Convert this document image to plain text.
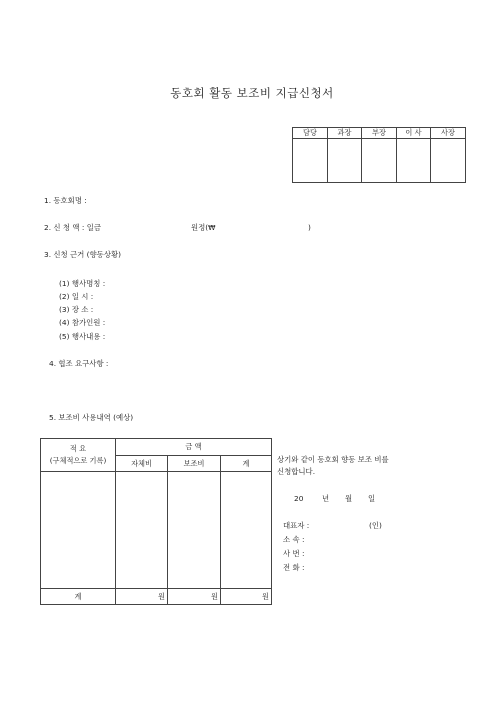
동호회 활동 보조비 지급신청서
담당	과장	부장	이 사	사장

1. 동호회명 :
2. 신 청 액 : 일금	원정(₩	)
3. 신청 근거 (향동상황)
(1) 행사명칭 :
(2) 일 시 :
(3) 장 소 :
(4) 참가인원 :
(5) 행사내용 :
4. 협조 요구사항 :
5. 보조비 사용내역 (예상)
적 요
(구체적으로 기록)	금 액		
	자체비	보조비	계

계	원	원	원
상기와 같이 동호회 향동 보조 비를
신청합니다.
20	년 월 일
대표자 :	(인)
소 속 :
사 번 :
전 화 :
